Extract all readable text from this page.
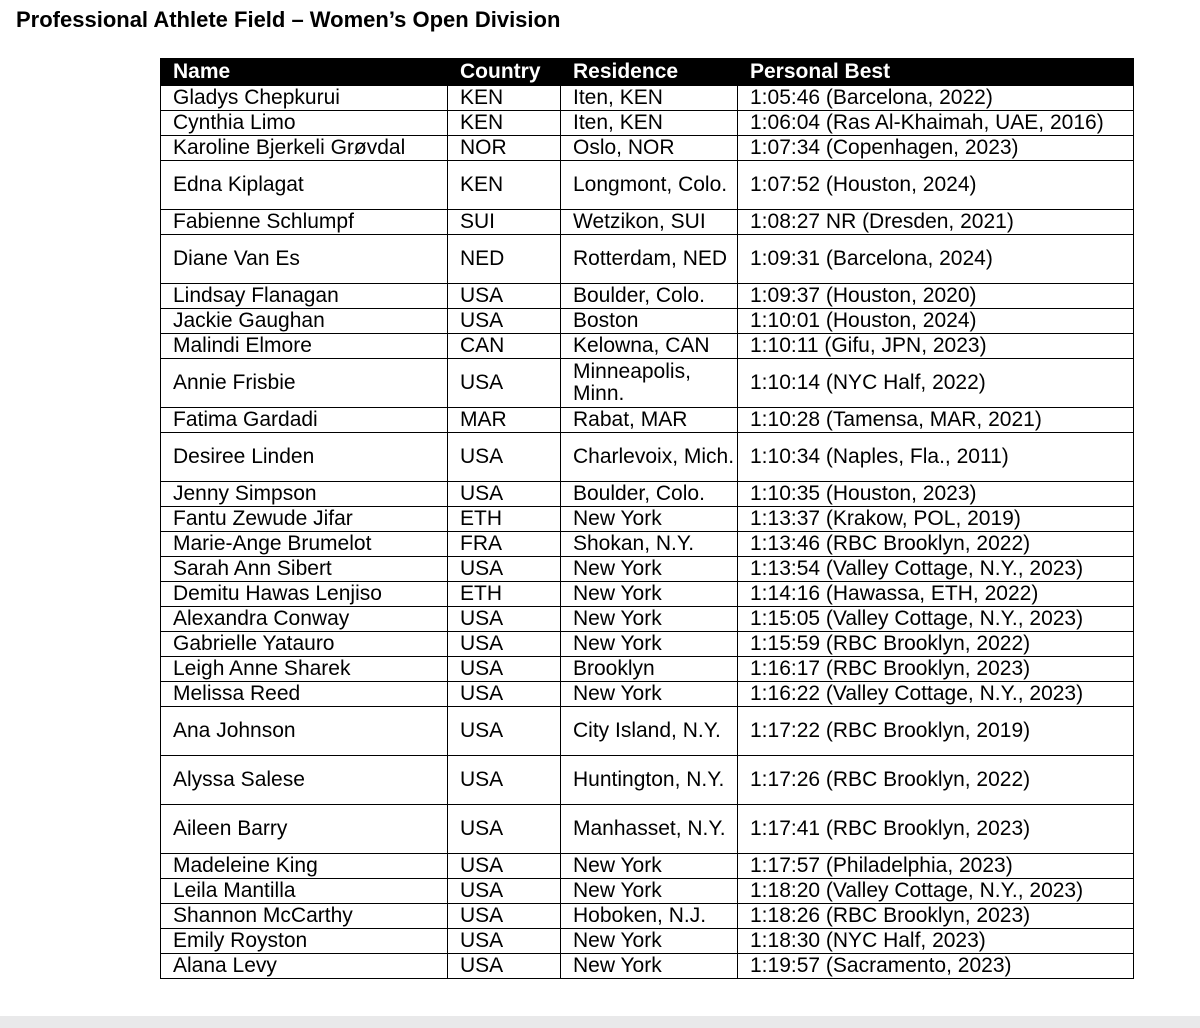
Professional Athlete Field – Women’s Open Division
Name	Country	Residence	Personal Best
Gladys Chepkurui	KEN	Iten, KEN	1:05:46 (Barcelona, 2022)
Cynthia Limo	KEN	Iten, KEN	1:06:04 (Ras Al-Khaimah, UAE, 2016)
Karoline Bjerkeli Grøvdal	NOR	Oslo, NOR	1:07:34 (Copenhagen, 2023)
Edna Kiplagat	KEN	Longmont, Colo.	1:07:52 (Houston, 2024)
Fabienne Schlumpf	SUI	Wetzikon, SUI	1:08:27 NR (Dresden, 2021)
Diane Van Es	NED	Rotterdam, NED	1:09:31 (Barcelona, 2024)
Lindsay Flanagan	USA	Boulder, Colo.	1:09:37 (Houston, 2020)
Jackie Gaughan	USA	Boston	1:10:01 (Houston, 2024)
Malindi Elmore	CAN	Kelowna, CAN	1:10:11 (Gifu, JPN, 2023)
Annie Frisbie	USA	Minneapolis, Minn.	1:10:14 (NYC Half, 2022)
Fatima Gardadi	MAR	Rabat, MAR	1:10:28 (Tamensa, MAR, 2021)
Desiree Linden	USA	Charlevoix, Mich.	1:10:34 (Naples, Fla., 2011)
Jenny Simpson	USA	Boulder, Colo.	1:10:35 (Houston, 2023)
Fantu Zewude Jifar	ETH	New York	1:13:37 (Krakow, POL, 2019)
Marie-Ange Brumelot	FRA	Shokan, N.Y.	1:13:46 (RBC Brooklyn, 2022)
Sarah Ann Sibert	USA	New York	1:13:54 (Valley Cottage, N.Y., 2023)
Demitu Hawas Lenjiso	ETH	New York	1:14:16 (Hawassa, ETH, 2022)
Alexandra Conway	USA	New York	1:15:05 (Valley Cottage, N.Y., 2023)
Gabrielle Yatauro	USA	New York	1:15:59 (RBC Brooklyn, 2022)
Leigh Anne Sharek	USA	Brooklyn	1:16:17 (RBC Brooklyn, 2023)
Melissa Reed	USA	New York	1:16:22 (Valley Cottage, N.Y., 2023)
Ana Johnson	USA	City Island, N.Y.	1:17:22 (RBC Brooklyn, 2019)
Alyssa Salese	USA	Huntington, N.Y.	1:17:26 (RBC Brooklyn, 2022)
Aileen Barry	USA	Manhasset, N.Y.	1:17:41 (RBC Brooklyn, 2023)
Madeleine King	USA	New York	1:17:57 (Philadelphia, 2023)
Leila Mantilla	USA	New York	1:18:20 (Valley Cottage, N.Y., 2023)
Shannon McCarthy	USA	Hoboken, N.J.	1:18:26 (RBC Brooklyn, 2023)
Emily Royston	USA	New York	1:18:30 (NYC Half, 2023)
Alana Levy	USA	New York	1:19:57 (Sacramento, 2023)
